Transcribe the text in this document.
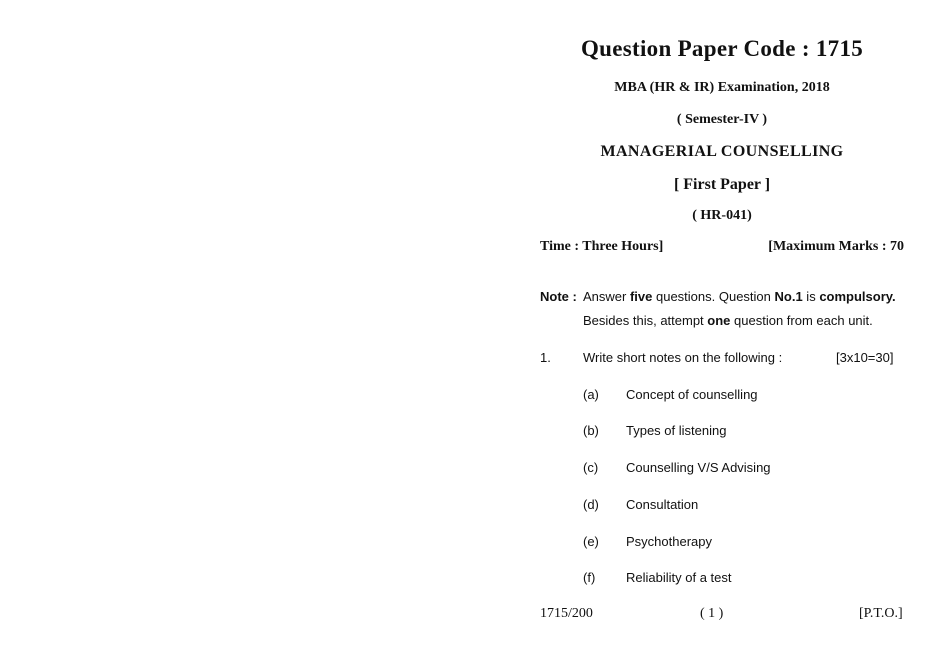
Question Paper Code : 1715
MBA (HR & IR) Examination, 2018
( Semester-IV )
MANAGERIAL COUNSELLING
[ First Paper ]
( HR-041)
Time : Three Hours]	[Maximum Marks : 70
Note : Answer five questions. Question No.1 is compulsory.
Besides this, attempt one question from each unit.
1. Write short notes on the following :	[3x10=30]
(a) Concept of counselling
(b) Types of listening
(c) Counselling V/S Advising
(d) Consultation
(e) Psychotherapy
(f) Reliability of a test
1715/200	( 1 )	[P.T.O.]
